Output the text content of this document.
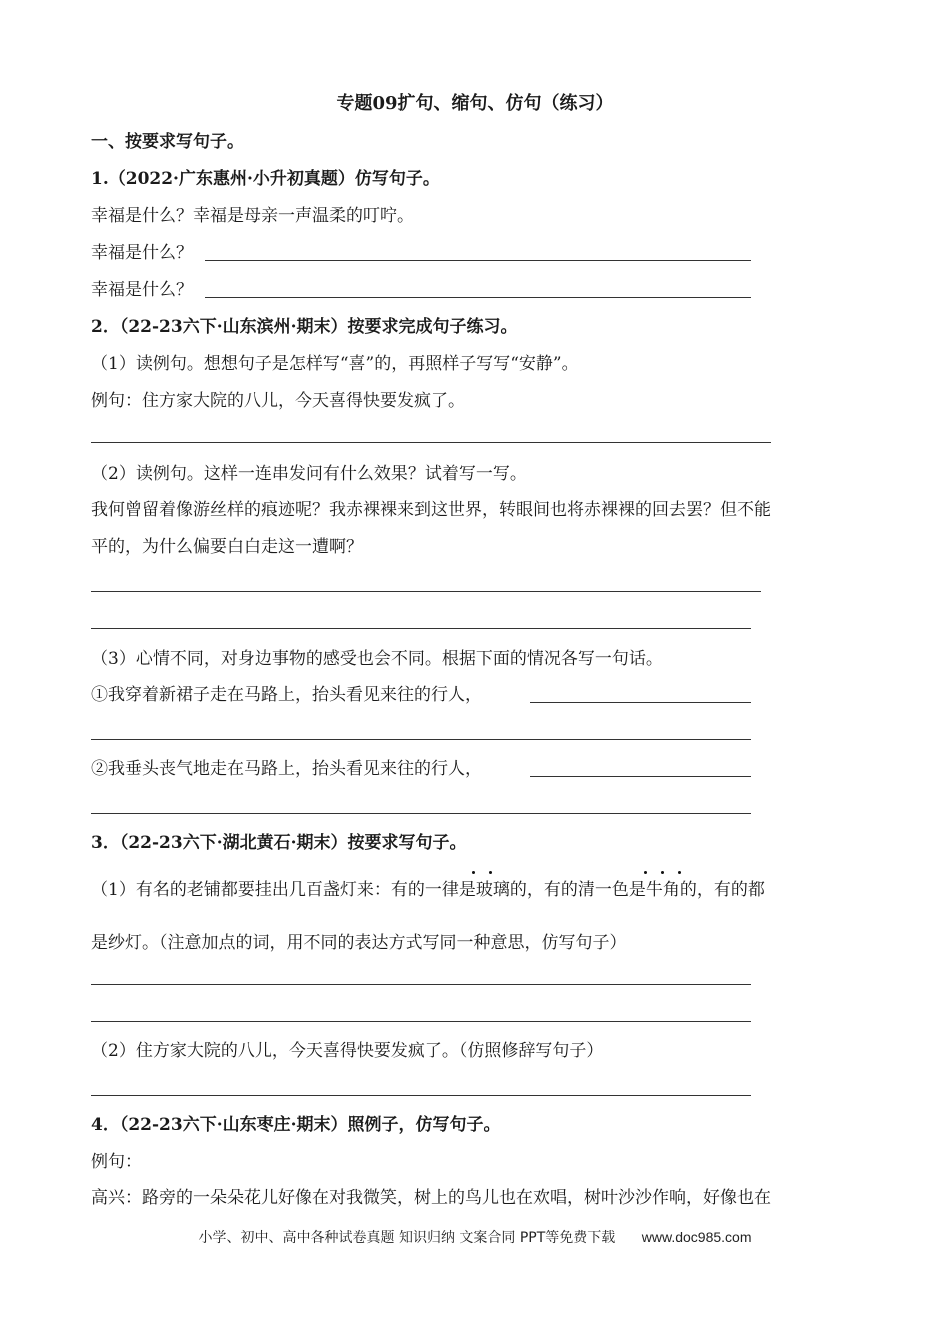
专题09扩句、缩句、仿句（练习）
一、按要求写句子。
1.（2022·广东惠州·小升初真题）仿写句子。
幸福是什么？幸福是母亲一声温柔的叮咛。
幸福是什么？
幸福是什么？
2．（22-23六下·山东滨州·期末）按要求完成句子练习。
（1）读例句。想想句子是怎样写“喜”的，再照样子写写“安静”。
例句：住方家大院的八儿，今天喜得快要发疯了。
（2）读例句。这样一连串发问有什么效果？试着写一写。
我何曾留着像游丝样的痕迹呢？我赤裸裸来到这世界，转眼间也将赤裸裸的回去罢？但不能
平的，为什么偏要白白走这一遭啊？
（3）心情不同，对身边事物的感受也会不同。根据下面的情况各写一句话。
①我穿着新裙子走在马路上，抬头看见来往的行人，
②我垂头丧气地走在马路上，抬头看见来往的行人，
3．（22-23六下·湖北黄石·期末）按要求写句子。
（1）有名的老铺都要挂出几百盏灯来：有的一律是玻璃的，有的清一色是牛角的，有的都
是纱灯。（注意加点的词，用不同的表达方式写同一种意思，仿写句子）
（2）住方家大院的八儿，今天喜得快要发疯了。（仿照修辞写句子）
4．（22-23六下·山东枣庄·期末）照例子，仿写句子。
例句：
高兴：路旁的一朵朵花儿好像在对我微笑，树上的鸟儿也在欢唱，树叶沙沙作响，好像也在
小学、初中、高中各种试卷真题 知识归纳 文案合同 PPT等免费下载 www.doc985.com
